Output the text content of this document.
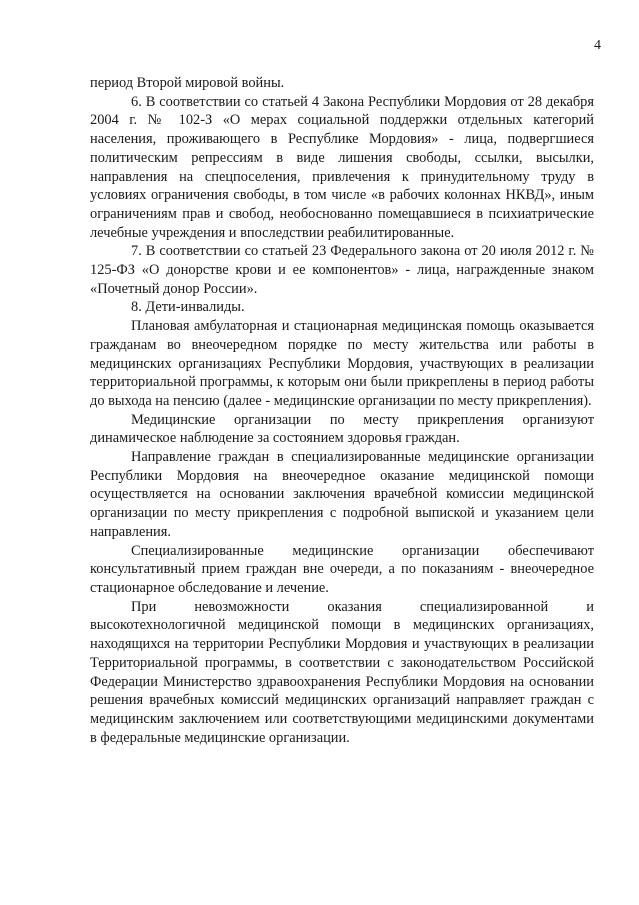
4

период Второй мировой войны.

6. В соответствии со статьей 4 Закона Республики Мордовия от 28 декабря 2004 г. № 102-З «О мерах социальной поддержки отдельных категорий населения, проживающего в Республике Мордовия» - лица, подвергшиеся политическим репрессиям в виде лишения свободы, ссылки, высылки, направления на спецпоселения, привлечения к принудительному труду в условиях ограничения свободы, в том числе «в рабочих колоннах НКВД», иным ограничениям прав и свобод, необоснованно помещавшиеся в психиатрические лечебные учреждения и впоследствии реабилитированные.

7. В соответствии со статьей 23 Федерального закона от 20 июля 2012 г. № 125-ФЗ «О донорстве крови и ее компонентов» - лица, награжденные знаком «Почетный донор России».

8. Дети-инвалиды.

Плановая амбулаторная и стационарная медицинская помощь оказывается гражданам во внеочередном порядке по месту жительства или работы в медицинских организациях Республики Мордовия, участвующих в реализации территориальной программы, к которым они были прикреплены в период работы до выхода на пенсию (далее - медицинские организации по месту прикрепления).

Медицинские организации по месту прикрепления организуют динамическое наблюдение за состоянием здоровья граждан.

Направление граждан в специализированные медицинские организации Республики Мордовия на внеочередное оказание медицинской помощи осуществляется на основании заключения врачебной комиссии медицинской организации по месту прикрепления с подробной выпиской и указанием цели направления.

Специализированные медицинские организации обеспечивают консультативный прием граждан вне очереди, а по показаниям - внеочередное стационарное обследование и лечение.

При невозможности оказания специализированной и высокотехнологичной медицинской помощи в медицинских организациях, находящихся на территории Республики Мордовия и участвующих в реализации Территориальной программы, в соответствии с законодательством Российской Федерации Министерство здравоохранения Республики Мордовия на основании решения врачебных комиссий медицинских организаций направляет граждан с медицинским заключением или соответствующими медицинскими документами в федеральные медицинские организации.
